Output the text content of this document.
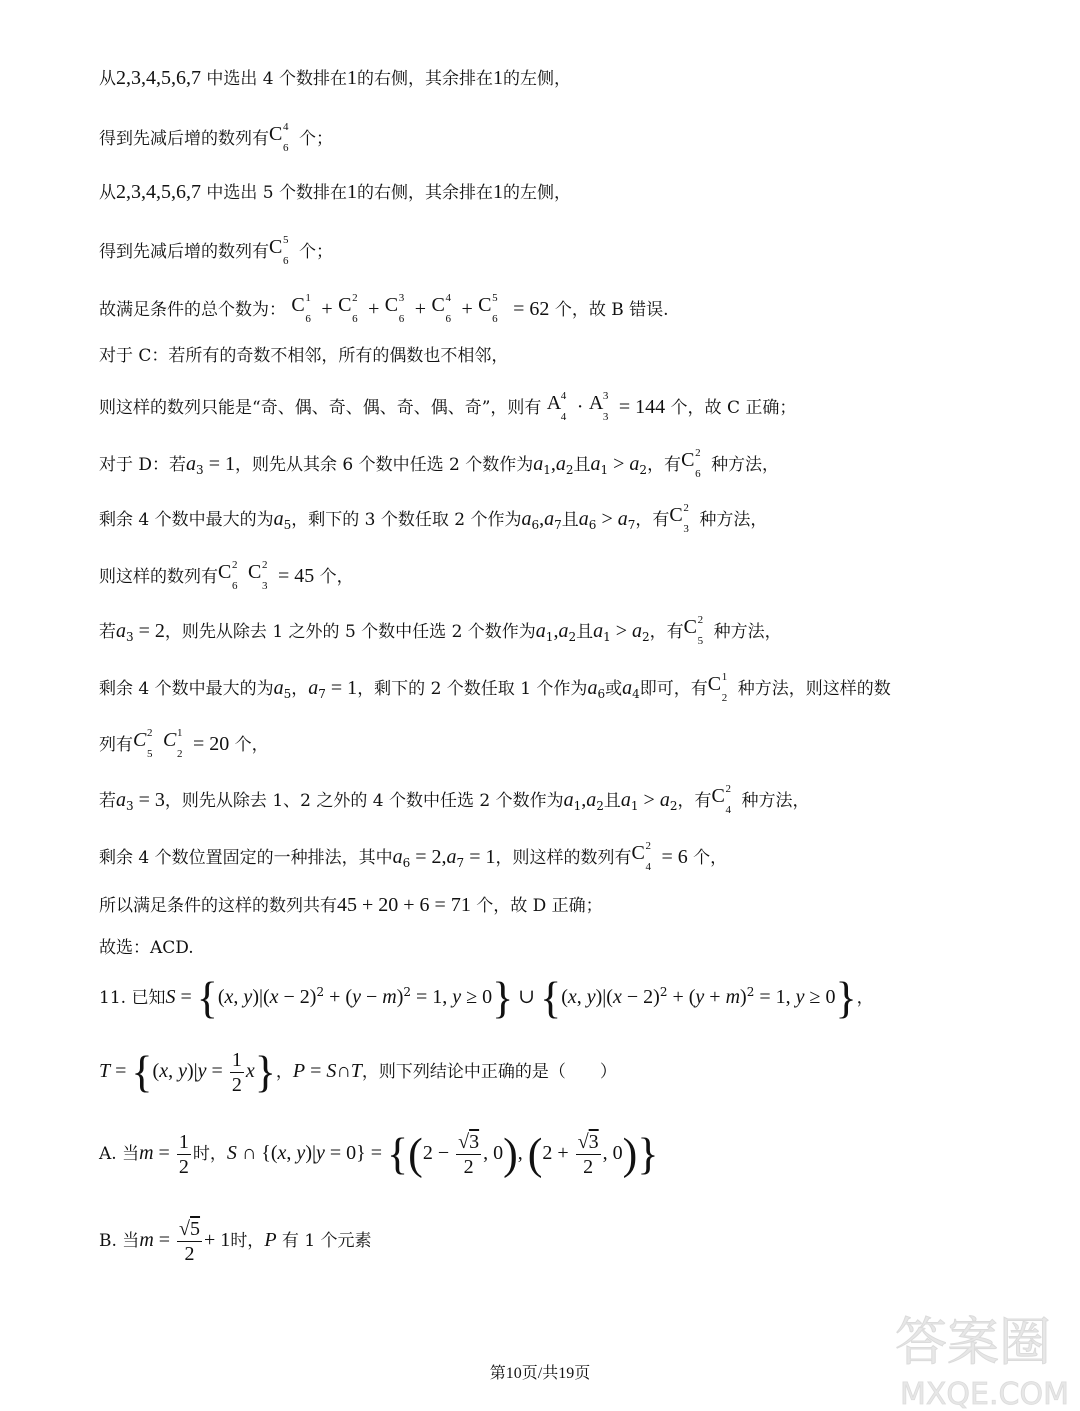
从2,3,4,5,6,7 中选出 4 个数排在1的右侧，其余排在1的左侧，
得到先减后增的数列有 C 4
6 个；
从2,3,4,5,6,7 中选出 5 个数排在1的右侧，其余排在1的左侧，
得到先减后增的数列有 C 5
6 个；
故满足条件的总个数为： C 1
6 + C 2
6 + C 3
6 + C 4
6 + C 5
6 = 62 个，故 B 错误.
对于 C：若所有的奇数不相邻，所有的偶数也不相邻，
则这样的数列只能是“奇、偶、奇、偶、奇、偶、奇”，则有 A 4
4 · A 3
3 = 144 个，故 C 正确；
对于 D：若$a_3 = 1$，则先从其余 6 个数中任选 2 个数作为$a_1,a_2$且$a_1 > a_2$，有 C 2
6 种方法，
剩余 4 个数中最大的为$a_5$，剩下的 3 个数任取 2 个作为$a_6,a_7$且$a_6 > a_7$，有 C 2
3 种方法，
则这样的数列有 C 2
6
C 2
3 = 45 个，
若$a_3 = 2$，则先从除去 1 之外的 5 个数中任选 2 个数作为$a_1,a_2$且$a_1 > a_2$，有 C 2
5 种方法，
剩余 4 个数中最大的为$a_5$，$a_7 = 1$，剩下的 2 个数任取 1 个作为$a_6$或$a_4$即可，有 C 1
2 种方法，则这样的数
列有 C 2
5
C 1
2 = 20 个，
若$a_3 = 3$，则先从除去 1、2 之外的 4 个数中任选 2 个数作为$a_1,a_2$且$a_1 > a_2$，有 C 2
4 种方法，
剩余 4 个数位置固定的一种排法，其中$a_6 = 2,a_7 = 1$，则这样的数列有 C 2
4 = 6 个，
所以满足条件的这样的数列共有45 + 20 + 6 = 71 个，故 D 正确；
故选：ACD.
11. 已知S = {(x, $y)|(x - 2)^2 + (y - m)^2 = 1$, y ≥ 0} ∪ {(x, $y)|(x - 2)^2 + (y + m)^2 = 1$, y ≥ 0}，
T = {(x, $y)|y = \frac{1}{2} x$}，P = S∩T，则下列结论中正确的是（　　）
A. 当$m = \frac{1}{2}$ 时，S ∩ {(x, $y)|y = 0\} = \{(2 - \frac{√3}{2}$ , 0), ($2 + \frac{√3}{2}$ , 0)}
B. 当$m = \frac{√5}{2} + 1$时，P 有 1 个元素
答案圈
MXQE.COM
第10页/共19页
